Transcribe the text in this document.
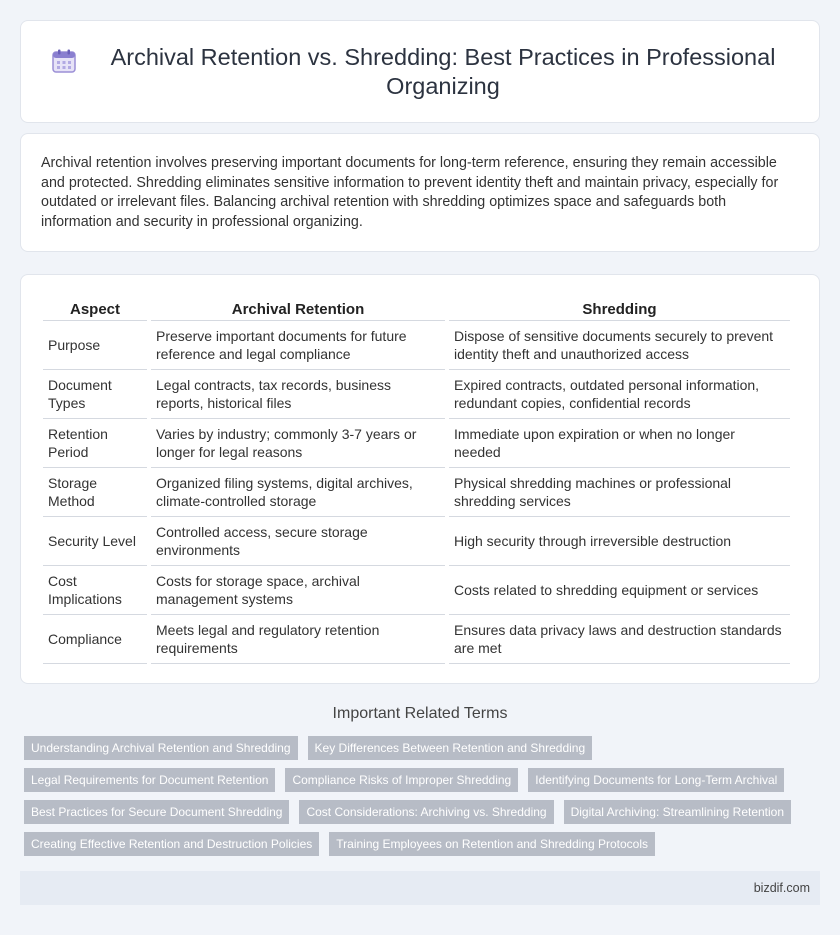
Archival Retention vs. Shredding: Best Practices in Professional Organizing

Archival retention involves preserving important documents for long-term reference, ensuring they remain accessible and protected. Shredding eliminates sensitive information to prevent identity theft and maintain privacy, especially for outdated or irrelevant files. Balancing archival retention with shredding optimizes space and safeguards both information and security in professional organizing.

Aspect	Archival Retention	Shredding
Purpose	Preserve important documents for future reference and legal compliance	Dispose of sensitive documents securely to prevent identity theft and unauthorized access
Document Types	Legal contracts, tax records, business reports, historical files	Expired contracts, outdated personal information, redundant copies, confidential records
Retention Period	Varies by industry; commonly 3-7 years or longer for legal reasons	Immediate upon expiration or when no longer needed
Storage Method	Organized filing systems, digital archives, climate-controlled storage	Physical shredding machines or professional shredding services
Security Level	Controlled access, secure storage environments	High security through irreversible destruction
Cost Implications	Costs for storage space, archival management systems	Costs related to shredding equipment or services
Compliance	Meets legal and regulatory retention requirements	Ensures data privacy laws and destruction standards are met
Important Related Terms
Understanding Archival Retention and Shredding	Key Differences Between Retention and Shredding
Legal Requirements for Document Retention	Compliance Risks of Improper Shredding	Identifying Documents for Long-Term Archival
Best Practices for Secure Document Shredding	Cost Considerations: Archiving vs. Shredding	Digital Archiving: Streamlining Retention
Creating Effective Retention and Destruction Policies	Training Employees on Retention and Shredding Protocols
bizdif.com
